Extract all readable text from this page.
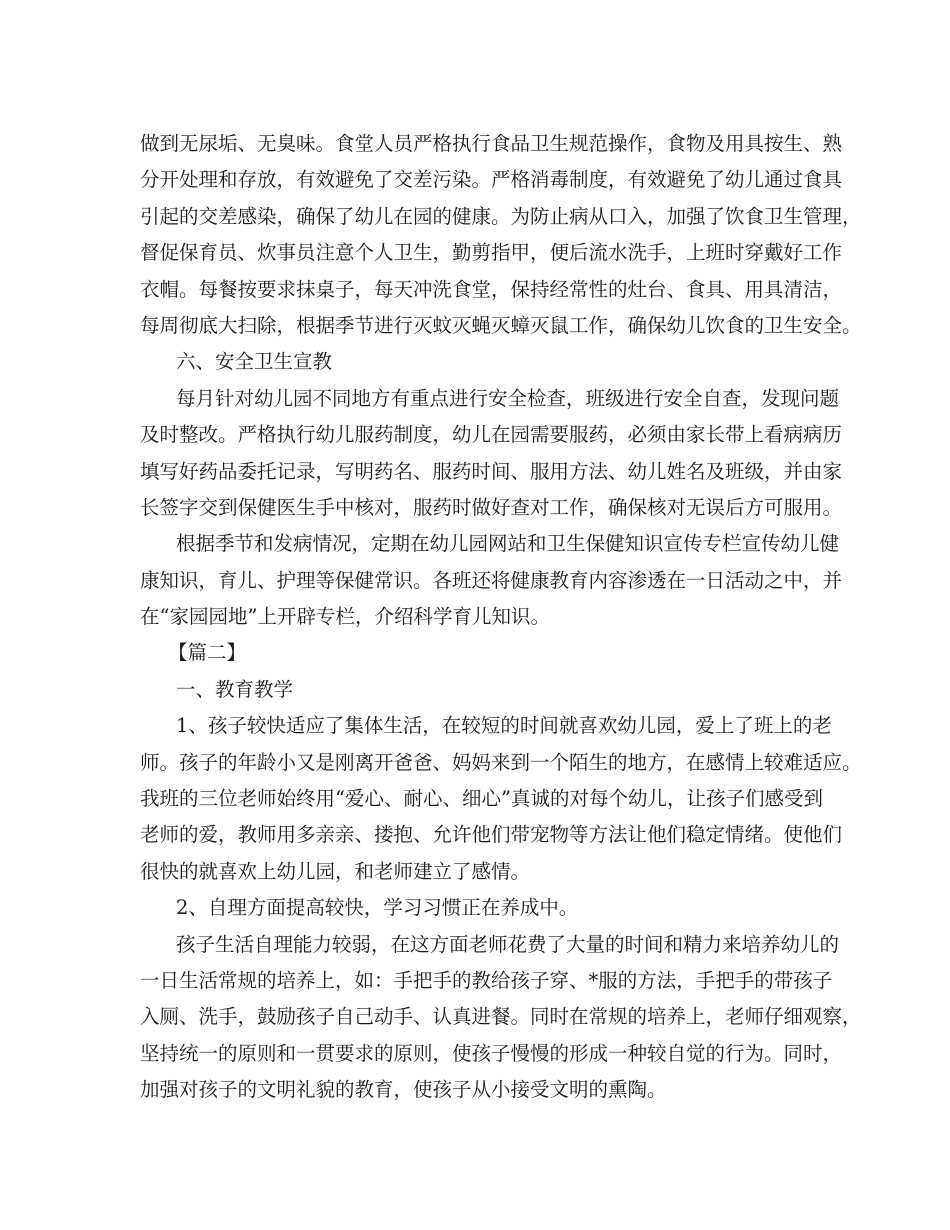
做到无尿垢、无臭味。食堂人员严格执行食品卫生规范操作，食物及用具按生、熟
分开处理和存放，有效避免了交差污染。严格消毒制度，有效避免了幼儿通过食具
引起的交差感染，确保了幼儿在园的健康。为防止病从口入，加强了饮食卫生管理，
督促保育员、炊事员注意个人卫生，勤剪指甲，便后流水洗手，上班时穿戴好工作
衣帽。每餐按要求抹桌子，每天冲洗食堂，保持经常性的灶台、食具、用具清洁，
每周彻底大扫除，根据季节进行灭蚊灭蝇灭蟑灭鼠工作，确保幼儿饮食的卫生安全。
六、安全卫生宣教
每月针对幼儿园不同地方有重点进行安全检查，班级进行安全自查，发现问题
及时整改。严格执行幼儿服药制度，幼儿在园需要服药，必须由家长带上看病病历
填写好药品委托记录，写明药名、服药时间、服用方法、幼儿姓名及班级，并由家
长签字交到保健医生手中核对，服药时做好查对工作，确保核对无误后方可服用。
根据季节和发病情况，定期在幼儿园网站和卫生保健知识宣传专栏宣传幼儿健
康知识，育儿、护理等保健常识。各班还将健康教育内容渗透在一日活动之中，并
在“家园园地”上开辟专栏，介绍科学育儿知识。
【篇二】
一、教育教学
1、孩子较快适应了集体生活，在较短的时间就喜欢幼儿园，爱上了班上的老
师。孩子的年龄小又是刚离开爸爸、妈妈来到一个陌生的地方，在感情上较难适应。
我班的三位老师始终用“爱心、耐心、细心”真诚的对每个幼儿，让孩子们感受到
老师的爱，教师用多亲亲、搂抱、允许他们带宠物等方法让他们稳定情绪。使他们
很快的就喜欢上幼儿园，和老师建立了感情。
2、自理方面提高较快，学习习惯正在养成中。
孩子生活自理能力较弱，在这方面老师花费了大量的时间和精力来培养幼儿的
一日生活常规的培养上，如：手把手的教给孩子穿、*服的方法，手把手的带孩子
入厕、洗手，鼓励孩子自己动手、认真进餐。同时在常规的培养上，老师仔细观察，
坚持统一的原则和一贯要求的原则，使孩子慢慢的形成一种较自觉的行为。同时，
加强对孩子的文明礼貌的教育，使孩子从小接受文明的熏陶。
